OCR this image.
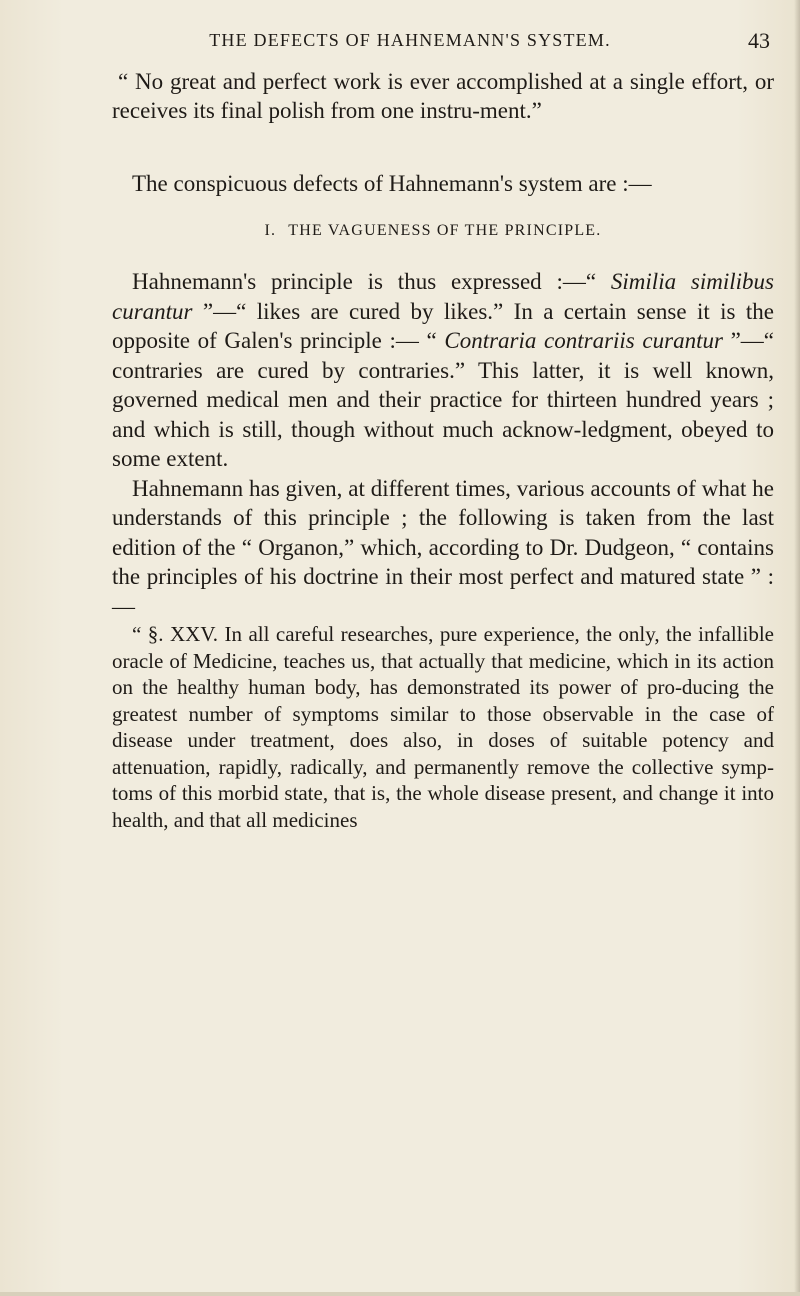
THE DEFECTS OF HAHNEMANN'S SYSTEM.	43

“ No great and perfect work is ever accomplished at a single effort, or receives its final polish from one instru-ment.”

The conspicuous defects of Hahnemann's system are :—

I. THE VAGUENESS OF THE PRINCIPLE.

Hahnemann's principle is thus expressed :—“ Similia similibus curantur ”—“ likes are cured by likes.” In a certain sense it is the opposite of Galen's principle :— “ Contraria contrariis curantur ”—“ contraries are cured by contraries.” This latter, it is well known, governed medical men and their practice for thirteen hundred years ; and which is still, though without much acknow-ledgment, obeyed to some extent.

Hahnemann has given, at different times, various accounts of what he understands of this principle ; the following is taken from the last edition of the “ Organon,” which, according to Dr. Dudgeon, “ contains the principles of his doctrine in their most perfect and matured state ” :—

“ §. XXV. In all careful researches, pure experience, the only, the infallible oracle of Medicine, teaches us, that actually that medicine, which in its action on the healthy human body, has demonstrated its power of pro-ducing the greatest number of symptoms similar to those observable in the case of disease under treatment, does also, in doses of suitable potency and attenuation, rapidly, radically, and permanently remove the collective symp-toms of this morbid state, that is, the whole disease present, and change it into health, and that all medicines
